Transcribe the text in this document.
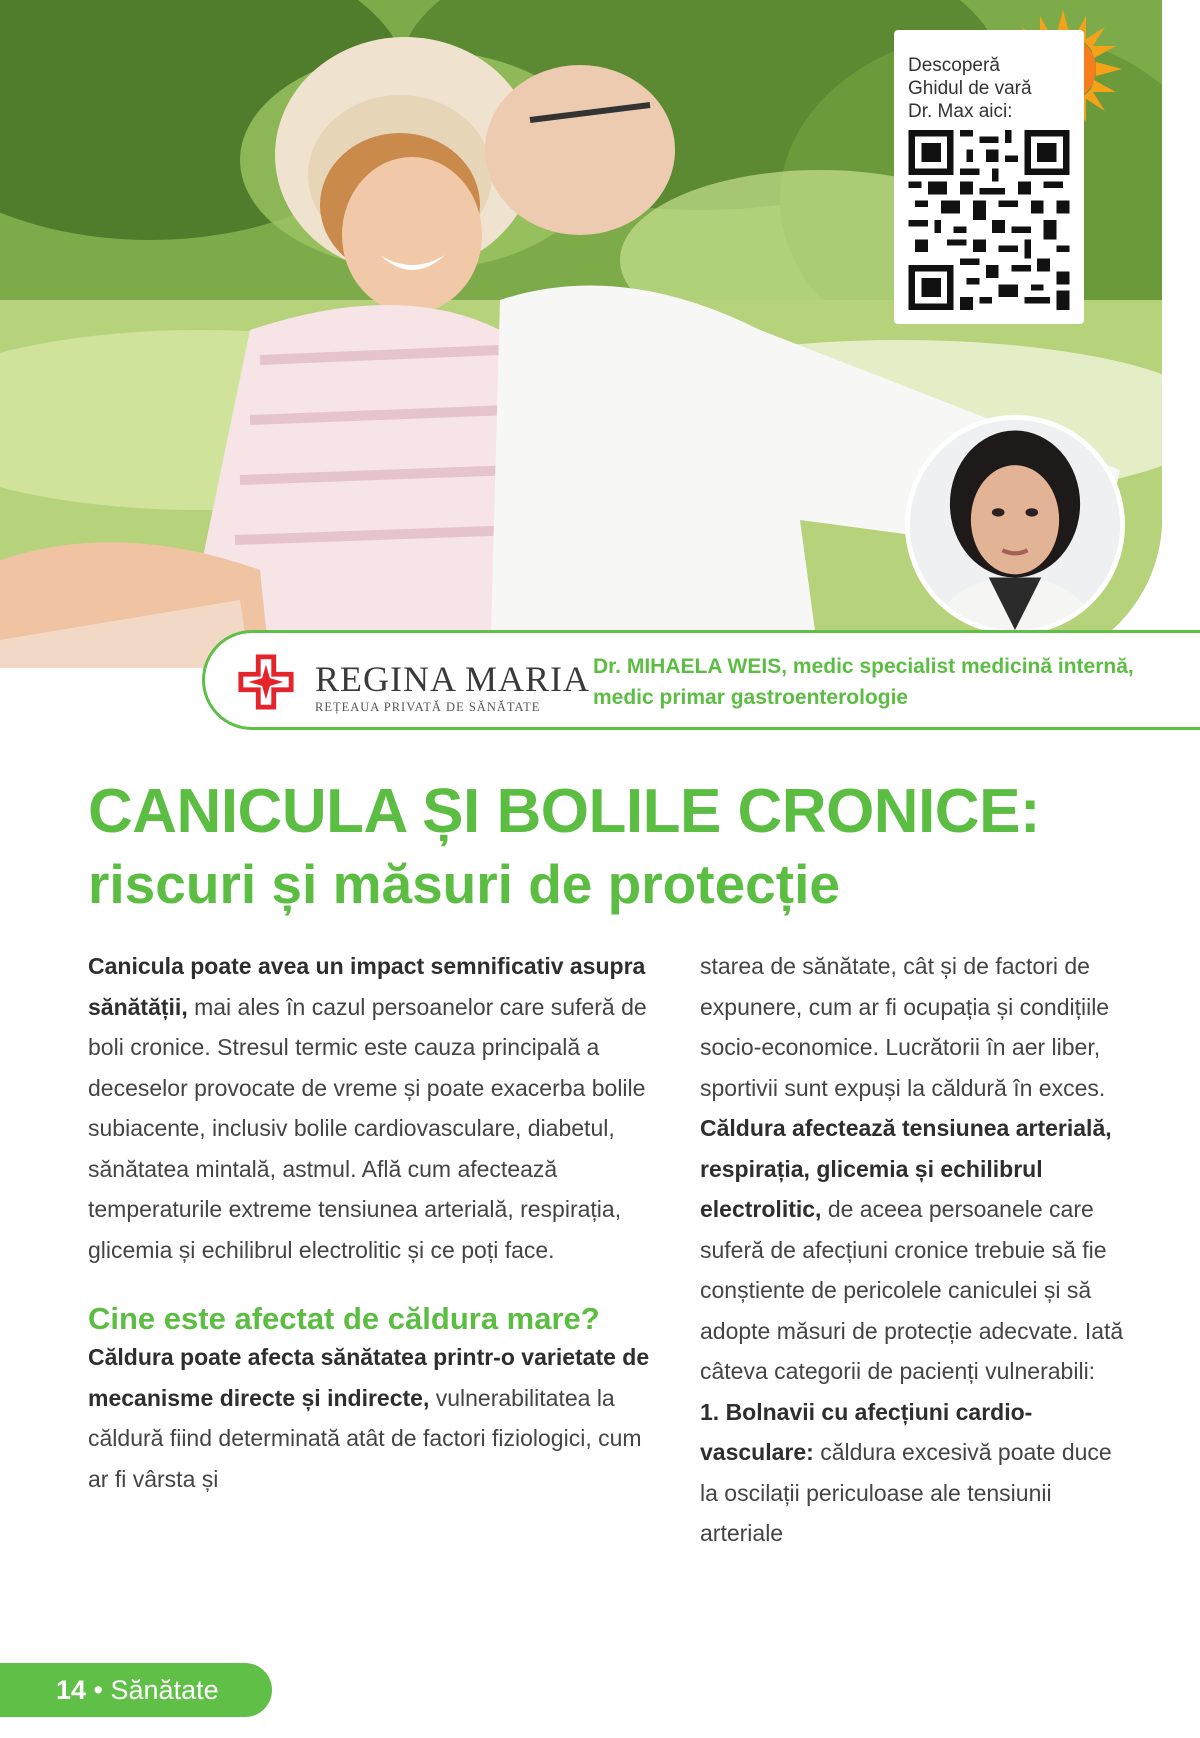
Descoperă
Ghidul de vară
Dr. Max aici:
REGINA MARIA
REȚEAUA PRIVATĂ DE SĂNĂTATE
Dr. MIHAELA WEIS, medic specialist medicină internă, medic primar gastroenterologie
CANICULA ȘI BOLILE CRONICE:
riscuri și măsuri de protecție

Canicula poate avea un impact semnificativ asupra sănătății, mai ales în cazul persoanelor care suferă de boli cronice. Stresul termic este cauza principală a deceselor provocate de vreme și poate exacerba bolile subiacente, inclusiv bolile cardiovasculare, diabetul, sănătatea mintală, astmul. Află cum afectează temperaturile extreme tensiunea arterială, respirația, glicemia și echilibrul electrolitic și ce poți face.

Cine este afectat de căldura mare?

Căldura poate afecta sănătatea printr-o varietate de mecanisme directe și indirecte, vulnerabilitatea la căldură fiind determinată atât de factori fiziologici, cum ar fi vârsta și

starea de sănătate, cât și de factori de expunere, cum ar fi ocupația și condițiile socio-economice. Lucrătorii în aer liber, sportivii sunt expuși la căldură în exces. Căldura afectează tensiunea arterială, respirația, glicemia și echilibrul electrolitic, de aceea persoanele care suferă de afecțiuni cronice trebuie să fie conștiente de pericolele caniculei și să adopte măsuri de protecție adecvate. Iată câteva categorii de pacienți vulnerabili:

1. Bolnavii cu afecțiuni cardio-vasculare: căldura excesivă poate duce la oscilații periculoase ale tensiunii arteriale

14 • Sănătate
